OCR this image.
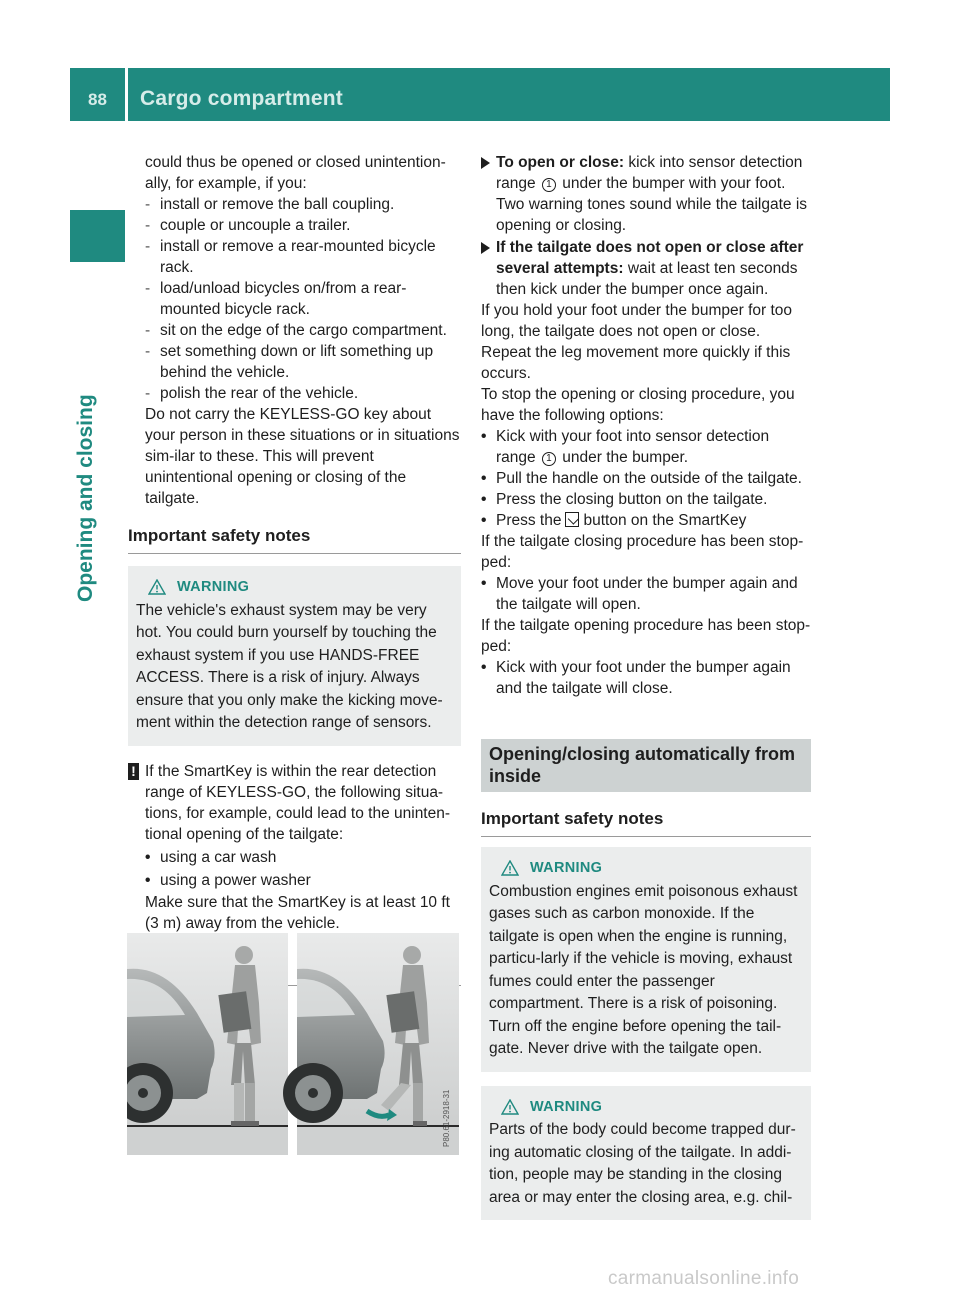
88 Cargo compartment
Opening and closing
could thus be opened or closed unintention-ally, for example, if you:
- install or remove the ball coupling.
- couple or uncouple a trailer.
- install or remove a rear-mounted bicycle rack.
- load/unload bicycles on/from a rear-mounted bicycle rack.
- sit on the edge of the cargo compartment.
- set something down or lift something up behind the vehicle.
- polish the rear of the vehicle.
Do not carry the KEYLESS-GO key about your person in these situations or in situations sim-ilar to these. This will prevent unintentional opening or closing of the tailgate.
Important safety notes
WARNING
The vehicle's exhaust system may be very hot. You could burn yourself by touching the exhaust system if you use HANDS-FREE ACCESS. There is a risk of injury. Always ensure that you only make the kicking move-ment within the detection range of sensors.
! If the SmartKey is within the rear detection range of KEYLESS-GO, the following situa-tions, for example, could lead to the uninten-tional opening of the tailgate:
• using a car wash
• using a power washer
Make sure that the SmartKey is at least 10 ft (3 m) away from the vehicle.
P80.61-2918-31
To open or close: kick into sensor detection range 1 under the bumper with your foot. Two warning tones sound while the tailgate is opening or closing.
If the tailgate does not open or close after several attempts: wait at least ten seconds then kick under the bumper once again.
If you hold your foot under the bumper for too long, the tailgate does not open or close. Repeat the leg movement more quickly if this occurs.
To stop the opening or closing procedure, you have the following options:
• Kick with your foot into sensor detection range 1 under the bumper.
• Pull the handle on the outside of the tailgate.
• Press the closing button on the tailgate.
• Press the button on the SmartKey
If the tailgate closing procedure has been stop-ped:
• Move your foot under the bumper again and the tailgate will open.
If the tailgate opening procedure has been stop-ped:
• Kick with your foot under the bumper again and the tailgate will close.
Opening/closing automatically from inside
Important safety notes
WARNING
Combustion engines emit poisonous exhaust gases such as carbon monoxide. If the tailgate is open when the engine is running, particu-larly if the vehicle is moving, exhaust fumes could enter the passenger compartment. There is a risk of poisoning.
Turn off the engine before opening the tail-gate. Never drive with the tailgate open.
WARNING
Parts of the body could become trapped dur-ing automatic closing of the tailgate. In addi-tion, people may be standing in the closing area or may enter the closing area, e.g. chil-
carmanualsonline.info
